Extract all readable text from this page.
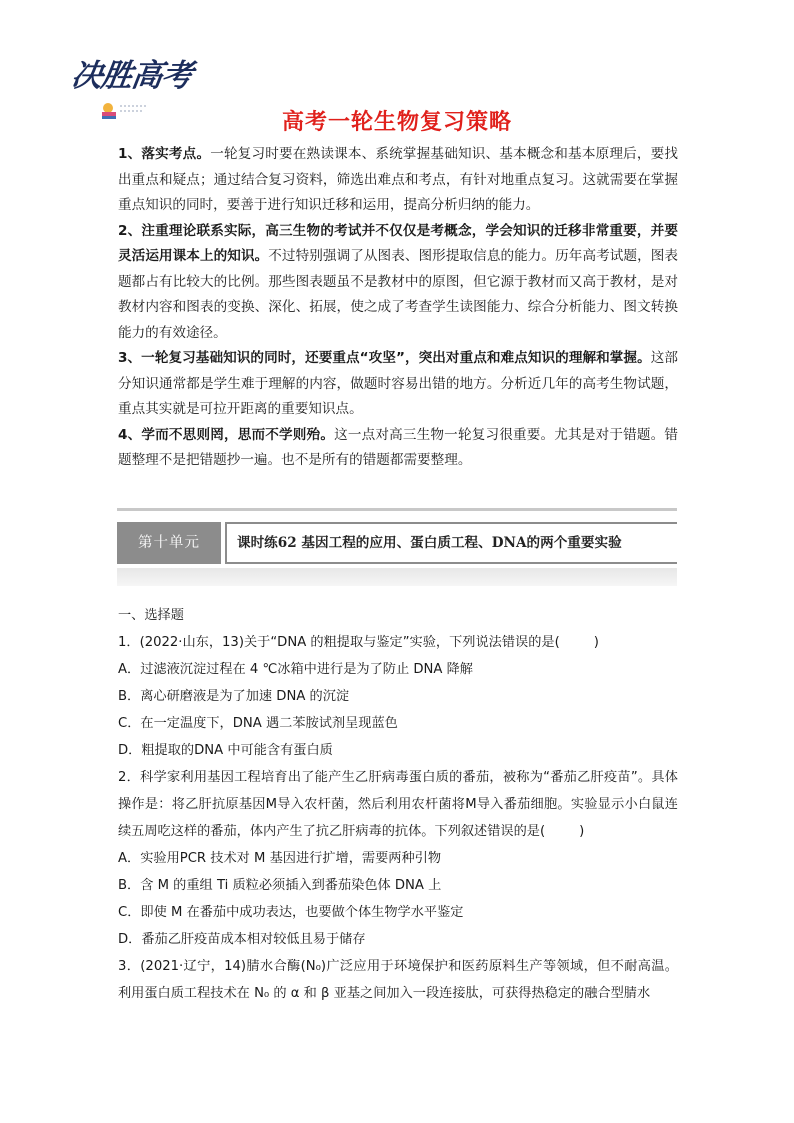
决胜高考
高考一轮生物复习策略

1、落实考点。一轮复习时要在熟读课本、系统掌握基础知识、基本概念和基本原理后，要找出重点和疑点；通过结合复习资料，筛选出难点和考点，有针对地重点复习。这就需要在掌握重点知识的同时，要善于进行知识迁移和运用，提高分析归纳的能力。

2、注重理论联系实际，高三生物的考试并不仅仅是考概念，学会知识的迁移非常重要，并要灵活运用课本上的知识。不过特别强调了从图表、图形提取信息的能力。历年高考试题，图表题都占有比较大的比例。那些图表题虽不是教材中的原图，但它源于教材而又高于教材，是对教材内容和图表的变换、深化、拓展，使之成了考查学生读图能力、综合分析能力、图文转换能力的有效途径。

3、一轮复习基础知识的同时，还要重点“攻坚”，突出对重点和难点知识的理解和掌握。这部分知识通常都是学生难于理解的内容，做题时容易出错的地方。分析近几年的高考生物试题，重点其实就是可拉开距离的重要知识点。

4、学而不思则罔，思而不学则殆。这一点对高三生物一轮复习很重要。尤其是对于错题。错题整理不是把错题抄一遍。也不是所有的错题都需要整理。

第十单元	课时练62 基因工程的应用、蛋白质工程、DNA的两个重要实验
一、选择题
1．(2022·山东，13)关于“DNA 的粗提取与鉴定”实验，下列说法错误的是(	)
A．过滤液沉淀过程在 4 ℃冰箱中进行是为了防止 DNA 降解
B．离心研磨液是为了加速 DNA 的沉淀
C．在一定温度下，DNA 遇二苯胺试剂呈现蓝色
D．粗提取的DNA 中可能含有蛋白质
2．科学家利用基因工程培育出了能产生乙肝病毒蛋白质的番茄，被称为“番茄乙肝疫苗”。具体操作是：将乙肝抗原基因M导入农杆菌，然后利用农杆菌将M导入番茄细胞。实验显示小白鼠连续五周吃这样的番茄，体内产生了抗乙肝病毒的抗体。下列叙述错误的是(	)
A．实验用PCR 技术对 M 基因进行扩增，需要两种引物
B．含 M 的重组 Ti 质粒必须插入到番茄染色体 DNA 上
C．即使 M 在番茄中成功表达，也要做个体生物学水平鉴定
D．番茄乙肝疫苗成本相对较低且易于储存
3．(2021·辽宁，14)腈水合酶(N₀)广泛应用于环境保护和医药原料生产等领域，但不耐高温。利用蛋白质工程技术在 N₀ 的 α 和 β 亚基之间加入一段连接肽，可获得热稳定的融合型腈水
